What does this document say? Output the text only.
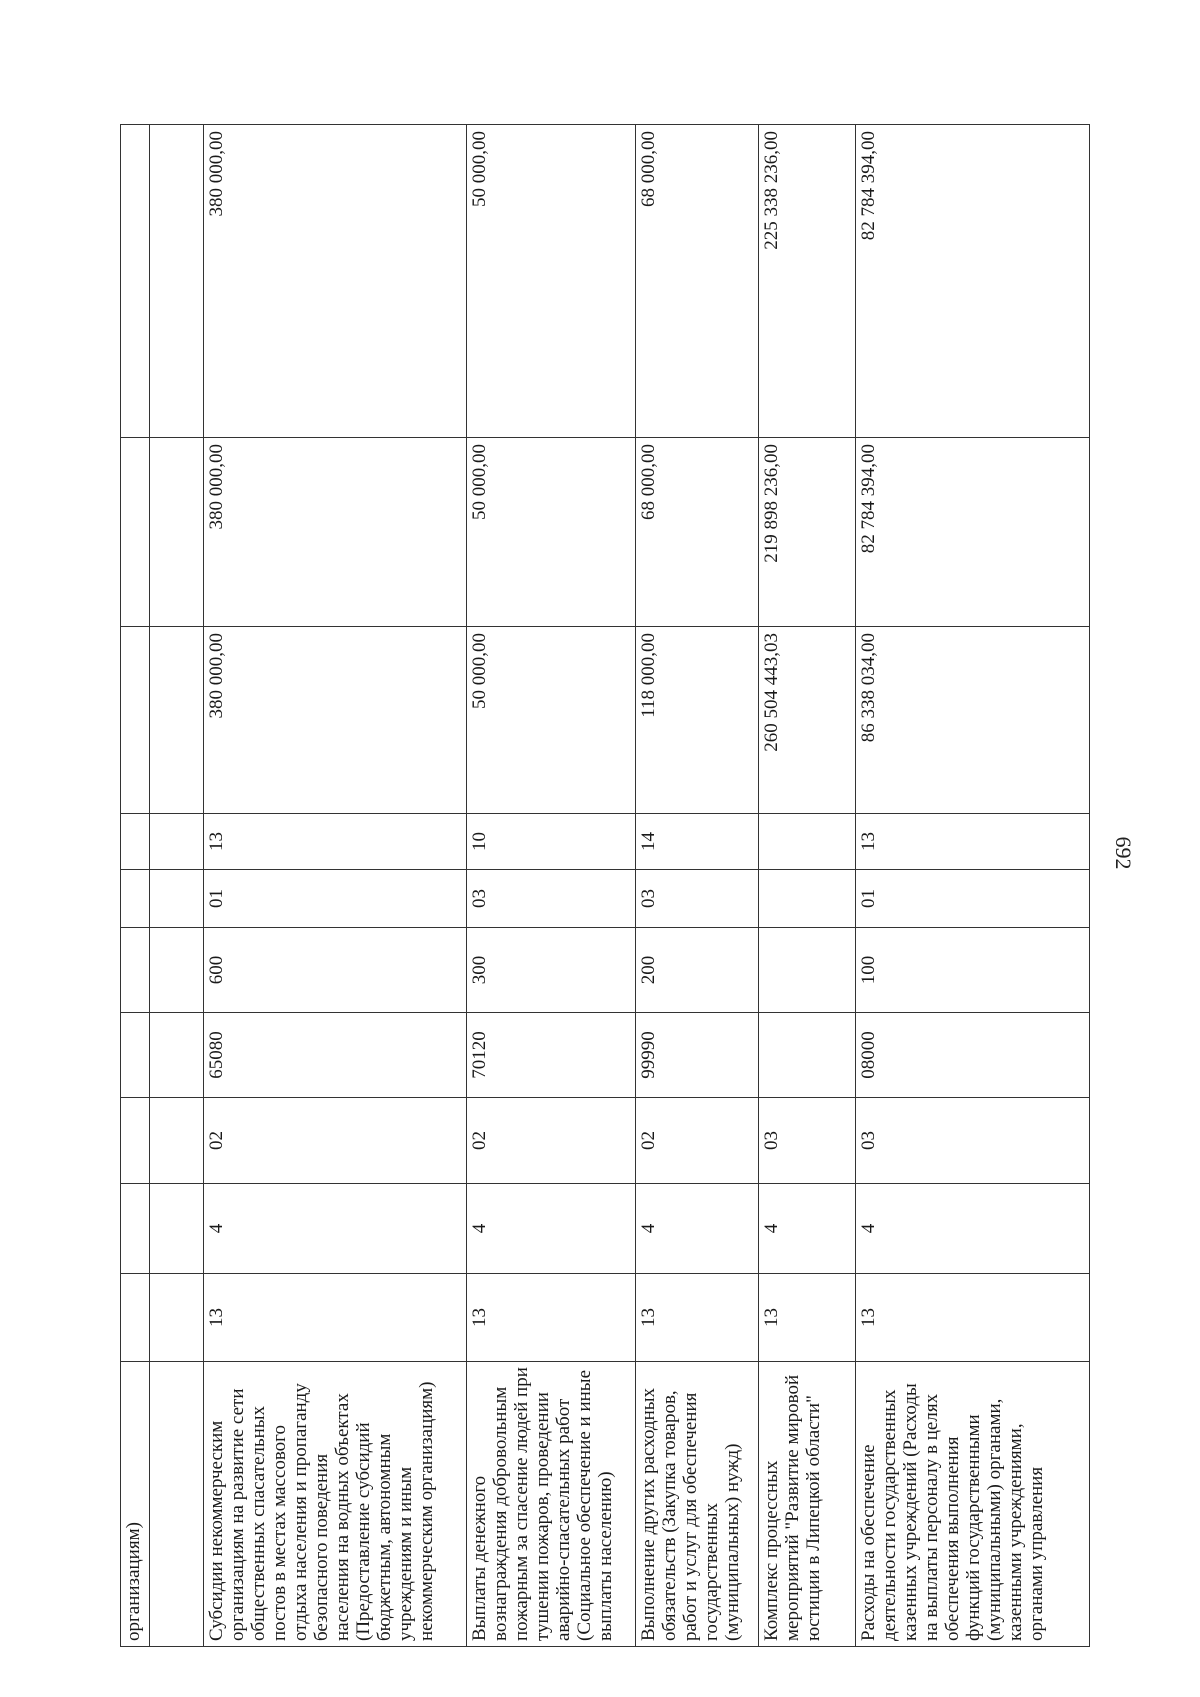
692
организациям)										

Субсидии некоммерческим организациям на развитие сети общественных спасательных постов в местах массового отдыха населения и пропаганду безопасного поведения населения на водных объектах (Предоставление субсидий бюджетным, автономным учреждениям и иным некоммерческим организациям)	13	4	02	65080	600	01	13	380 000,00	380 000,00	380 000,00
Выплаты денежного вознаграждения добровольным пожарным за спасение людей при тушении пожаров, проведении аварийно-спасательных работ (Социальное обеспечение и иные выплаты населению)	13	4	02	70120	300	03	10	50 000,00	50 000,00	50 000,00
Выполнение других расходных обязательств (Закупка товаров, работ и услуг для обеспечения государственных (муниципальных) нужд)	13	4	02	99990	200	03	14	118 000,00	68 000,00	68 000,00
Комплекс процессных мероприятий "Развитие мировой юстиции в Липецкой области"	13	4	03					260 504 443,03	219 898 236,00	225 338 236,00
Расходы на обеспечение деятельности государственных казенных учреждений (Расходы на выплаты персоналу в целях обеспечения выполнения функций государственными (муниципальными) органами, казенными учреждениями, органами управления	13	4	03	08000	100	01	13	86 338 034,00	82 784 394,00	82 784 394,00
